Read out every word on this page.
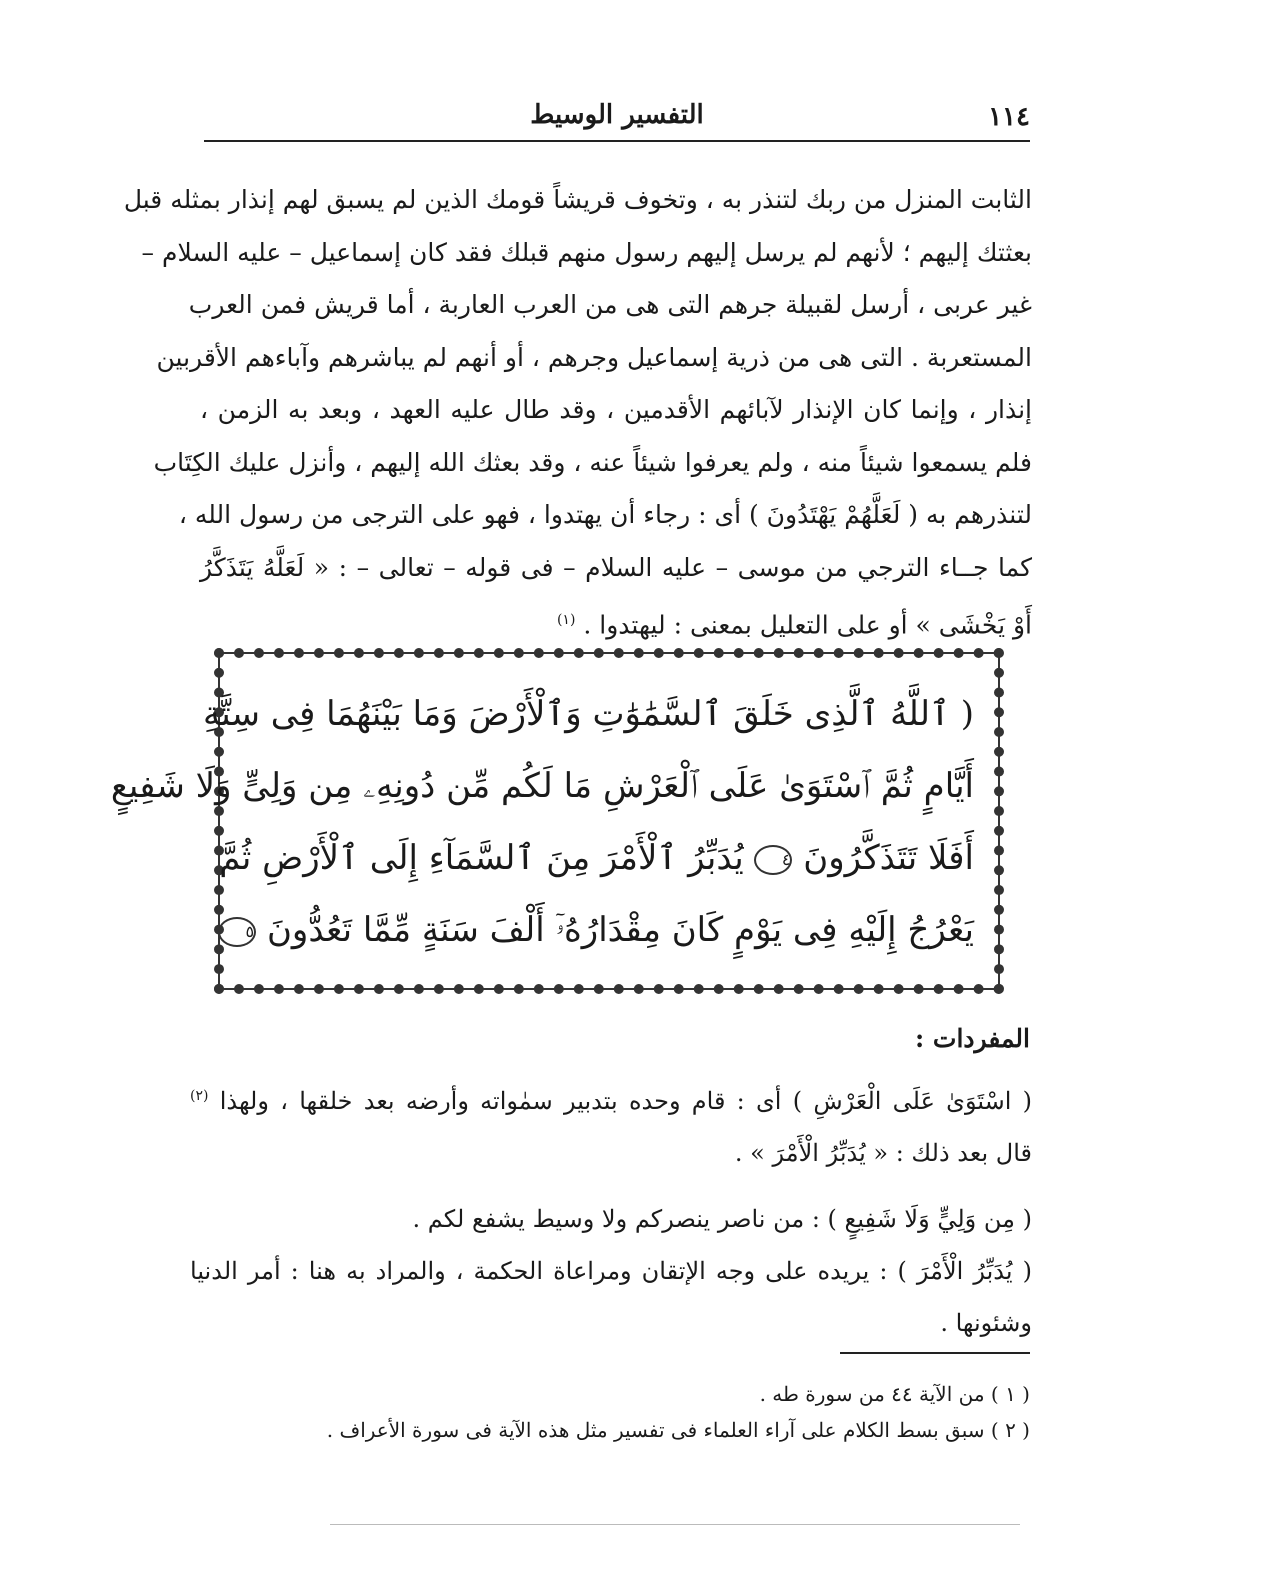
١١٤
التفسير الوسيط
الثابت المنزل من ربك لتنذر به ، وتخوف قريشاً قومك الذين لم يسبق لهم إنذار بمثله قبل
بعثتك إليهم ؛ لأنهم لم يرسل إليهم رسول منهم قبلك فقد كان إسماعيل – عليه السلام –
غير عربى ، أرسل لقبيلة جرهم التى هى من العرب العاربة ، أما قريش فمن العرب
المستعربة . التى هى من ذرية إسماعيل وجرهم ، أو أنهم لم يباشرهم وآباءهم الأقربين
إنذار ، وإنما كان الإنذار لآبائهم الأقدمين ، وقد طال عليه العهد ، وبعد به الزمن ،
فلم يسمعوا شيئاً منه ، ولم يعرفوا شيئاً عنه ، وقد بعثك الله إليهم ، وأنزل عليك الكِتَاب
لتنذرهم به ( لَعَلَّهُمْ يَهْتَدُونَ ) أى : رجاء أن يهتدوا ، فهو على الترجى من رسول الله ،
كما جــاء الترجي من موسى – عليه السلام – فى قوله – تعالى – : « لَعَلَّهُ يَتَذَكَّرُ
أَوْ يَخْشَى » أو على التعليل بمعنى : ليهتدوا . $^{(١)}$
( ٱللَّهُ ٱلَّذِى خَلَقَ ٱلسَّمَٰوَٰتِ وَٱلْأَرْضَ وَمَا بَيْنَهُمَا فِى سِتَّةِ
أَيَّامٍ ثُمَّ ٱسْتَوَىٰ عَلَى ٱلْعَرْشِ مَا لَكُم مِّن دُونِهِۦ مِن وَلِىٍّ وَلَا شَفِيعٍ
أَفَلَا تَتَذَكَّرُونَ ٤ يُدَبِّرُ ٱلْأَمْرَ مِنَ ٱلسَّمَآءِ إِلَى ٱلْأَرْضِ ثُمَّ
يَعْرُجُ إِلَيْهِ فِى يَوْمٍ كَانَ مِقْدَارُهُۥٓ أَلْفَ سَنَةٍ مِّمَّا تَعُدُّونَ ٥
المفردات :
( اسْتَوَىٰ عَلَى الْعَرْشِ ) أى : قام وحده بتدبير سمٰواته وأرضه بعد خلقها ، ولهذا $^{(٢)}$
قال بعد ذلك : « يُدَبِّرُ الْأَمْرَ » .
( مِن وَلِيٍّ وَلَا شَفِيعٍ ) : من ناصر ينصركم ولا وسيط يشفع لكم .
( يُدَبِّرُ الْأَمْرَ ) : يريده على وجه الإتقان ومراعاة الحكمة ، والمراد به هنا : أمر الدنيا
وشئونها .
( ١ ) من الآية ٤٤ من سورة طه .
( ٢ ) سبق بسط الكلام على آراء العلماء فى تفسير مثل هذه الآية فى سورة الأعراف .
